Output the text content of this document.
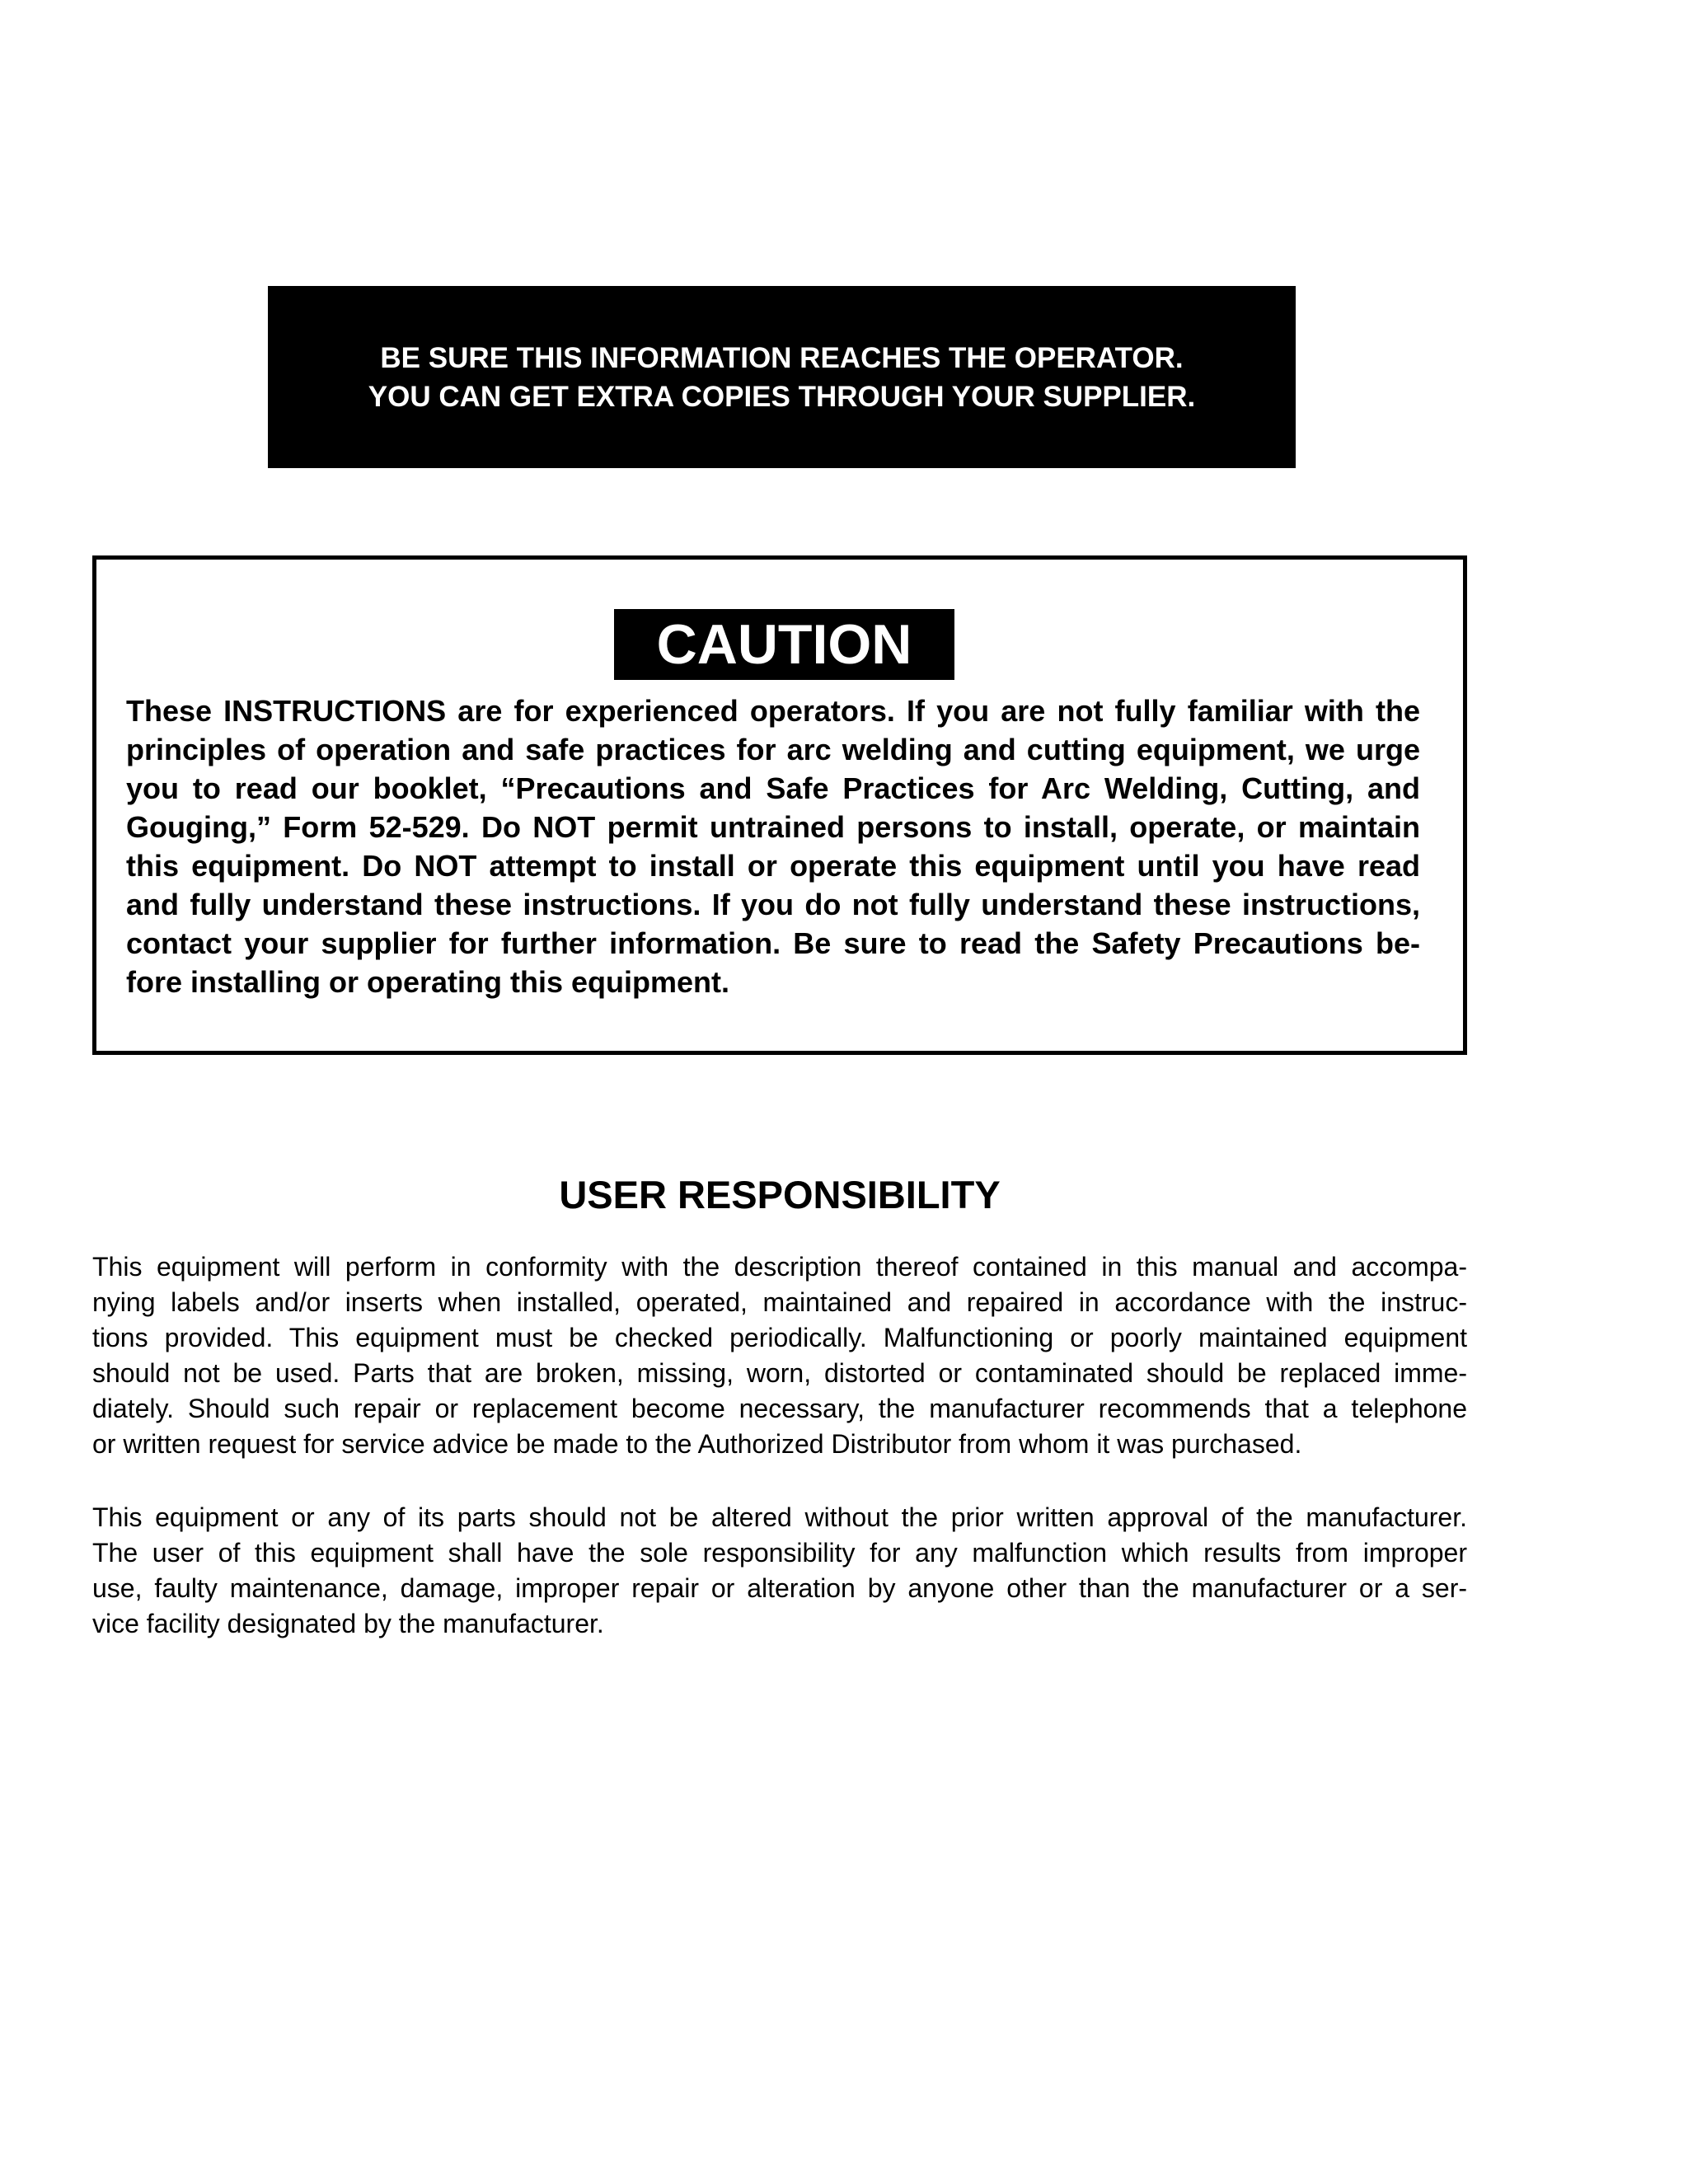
BE SURE THIS INFORMATION REACHES THE OPERATOR.
YOU CAN GET EXTRA COPIES THROUGH YOUR SUPPLIER.
CAUTION

These INSTRUCTIONS are for experienced operators. If you are not fully familiar with the
principles of operation and safe practices for arc welding and cutting equipment, we urge
you to read our booklet, “Precautions and Safe Practices for Arc Welding, Cutting, and
Gouging,” Form 52-529. Do NOT permit untrained persons to install, operate, or maintain
this equipment. Do NOT attempt to install or operate this equipment until you have read
and fully understand these instructions. If you do not fully understand these instructions,
contact your supplier for further information. Be sure to read the Safety Precautions be-
fore installing or operating this equipment.

USER RESPONSIBILITY

This equipment will perform in conformity with the description thereof contained in this manual and accompa-
nying labels and/or inserts when installed, operated, maintained and repaired in accordance with the instruc-
tions provided. This equipment must be checked periodically. Malfunctioning or poorly maintained equipment
should not be used. Parts that are broken, missing, worn, distorted or contaminated should be replaced imme-
diately. Should such repair or replacement become necessary, the manufacturer recommends that a telephone
or written request for service advice be made to the Authorized Distributor from whom it was purchased.

This equipment or any of its parts should not be altered without the prior written approval of the manufacturer.
The user of this equipment shall have the sole responsibility for any malfunction which results from improper
use, faulty maintenance, damage, improper repair or alteration by anyone other than the manufacturer or a ser-
vice facility designated by the manufacturer.
